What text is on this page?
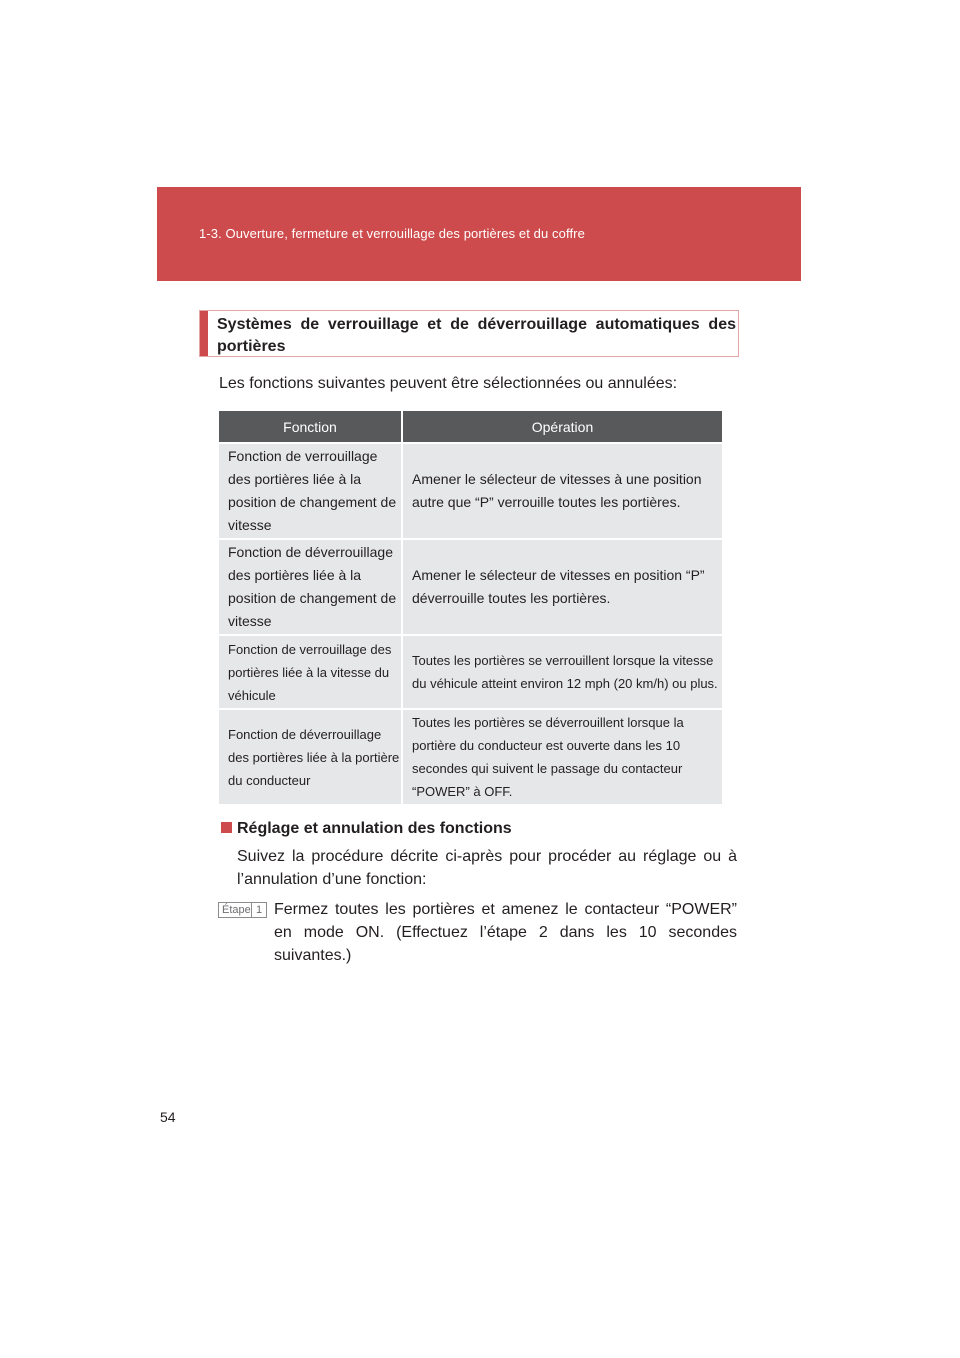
1-3. Ouverture, fermeture et verrouillage des portières et du coffre
Systèmes de verrouillage et de déverrouillage automatiques des portières
Les fonctions suivantes peuvent être sélectionnées ou annulées:
Fonction	Opération
Fonction de verrouillage des portières liée à la position de changement de vitesse	Amener le sélecteur de vitesses à une position autre que “P” verrouille toutes les portières.
Fonction de déverrouillage des portières liée à la position de changement de vitesse	Amener le sélecteur de vitesses en position “P” déverrouille toutes les portières.
Fonction de verrouillage des portières liée à la vitesse du véhicule	Toutes les portières se verrouillent lorsque la vitesse du véhicule atteint environ 12 mph (20 km/h) ou plus.
Fonction de déverrouillage des portières liée à la portière du conducteur	Toutes les portières se déverrouillent lorsque la portière du conducteur est ouverte dans les 10 secondes qui suivent le passage du contacteur “POWER” à OFF.
Réglage et annulation des fonctions
Suivez la procédure décrite ci-après pour procéder au réglage ou à l’annulation d’une fonction:
Étape 1 Fermez toutes les portières et amenez le contacteur “POWER” en mode ON. (Effectuez l’étape 2 dans les 10 secondes suivantes.)
54
